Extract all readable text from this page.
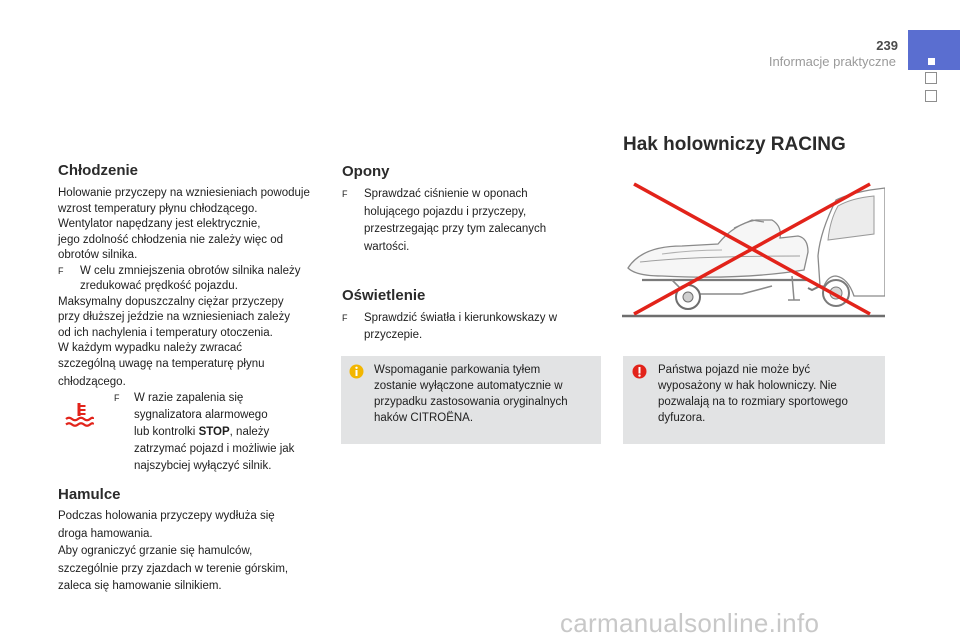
239
Informacje praktyczne
Chłodzenie
Holowanie przyczepy na wzniesieniach powoduje
wzrost temperatury płynu chłodzącego.
Wentylator napędzany jest elektrycznie,
jego zdolność chłodzenia nie zależy więc od
obrotów silnika.
F W celu zmniejszenia obrotów silnika należy
zredukować prędkość pojazdu.
Maksymalny dopuszczalny ciężar przyczepy
przy dłuższej jeździe na wzniesieniach zależy
od ich nachylenia i temperatury otoczenia.
W każdym wypadku należy zwracać
szczególną uwagę na temperaturę płynu
chłodzącego.
F W razie zapalenia się
sygnalizatora alarmowego
lub kontrolki STOP, należy
zatrzymać pojazd i możliwie jak
najszybciej wyłączyć silnik.
Hamulce
Podczas holowania przyczepy wydłuża się
droga hamowania.
Aby ograniczyć grzanie się hamulców,
szczególnie przy zjazdach w terenie górskim,
zaleca się hamowanie silnikiem.
Opony
F Sprawdzać ciśnienie w oponach
holującego pojazdu i przyczepy,
przestrzegając przy tym zalecanych
wartości.
Oświetlenie
F Sprawdzić światła i kierunkowskazy w
przyczepie.
Wspomaganie parkowania tyłem
zostanie wyłączone automatycznie w
przypadku zastosowania oryginalnych
haków CITROËNA.
Hak holowniczy RACING
Państwa pojazd nie może być
wyposażony w hak holowniczy. Nie
pozwalają na to rozmiary sportowego
dyfuzora.
carmanualsonline.info
